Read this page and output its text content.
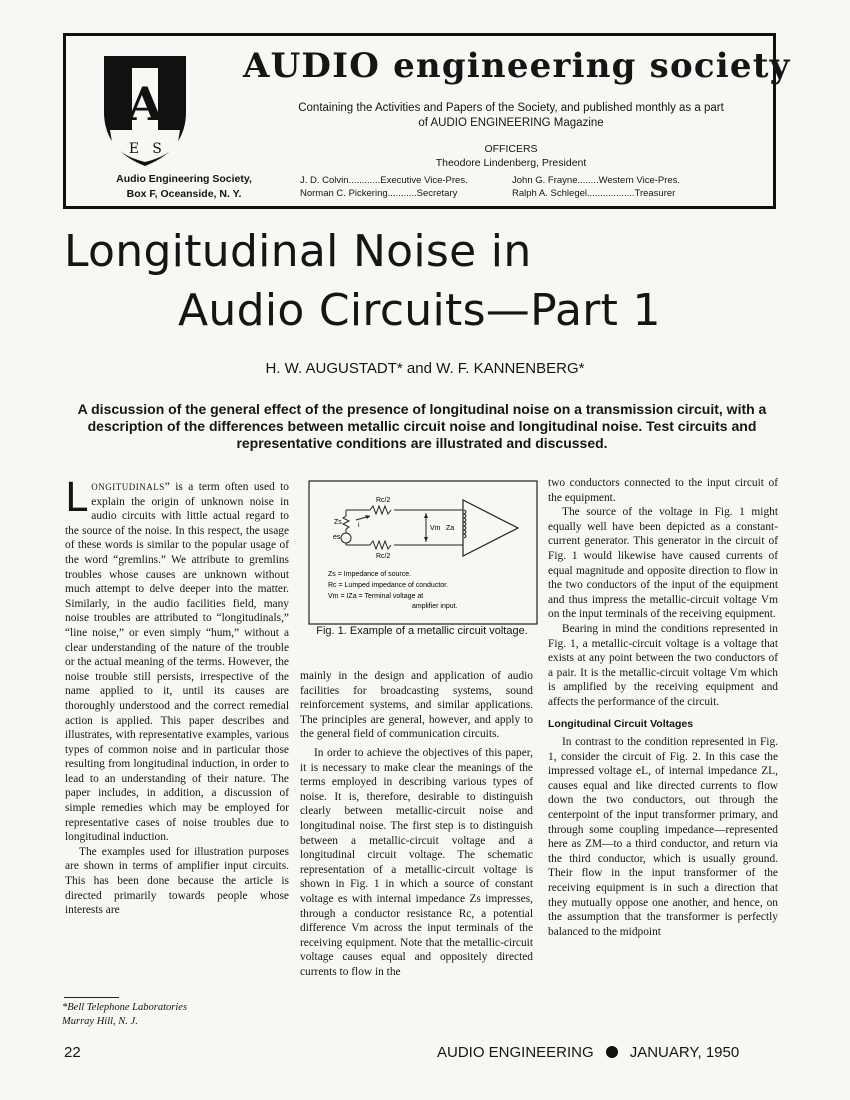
A
E S
AUDIO engineering society
Containing the Activities and Papers of the Society, and published monthly as a part of AUDIO ENGINEERING Magazine
OFFICERS
Theodore Lindenberg, President
J. D. Colvin............Executive Vice-Pres.
Norman C. Pickering...........Secretary
John G. Frayne........Western Vice-Pres.
Ralph A. Schlegel..................Treasurer
Audio Engineering Society,
Box F, Oceanside, N. Y.
Longitudinal Noise in
Audio Circuits—Part 1
H. W. AUGUSTADT* and W. F. KANNENBERG*
A discussion of the general effect of the presence of longitudinal noise on a transmission circuit, with a description of the differences between metallic circuit noise and longitudinal noise. Test circuits and representative conditions are illustrated and discussed.

LONGITUDINALS” is a term often used to explain the origin of unknown noise in audio circuits with little actual regard to the source of the noise. In this respect, the usage of these words is similar to the popular usage of the word “gremlins.” We attribute to gremlins troubles whose causes are unknown without much attempt to delve deeper into the matter. Similarly, in the audio facilities field, many noise troubles are attributed to “longitudinals,” “line noise,” or even simply “hum,” without a clear understanding of the nature of the trouble or the actual meaning of the terms. However, the noise trouble still persists, irrespective of the name applied to it, until its causes are thoroughly understood and the correct remedial action is applied. This paper describes and illustrates, with representative examples, various types of common noise and in particular those resulting from longitudinal induction, in order to lead to an understanding of their nature. The paper includes, in addition, a discussion of simple remedies which may be employed for representative cases of noise troubles due to longitudinal induction.

The examples used for illustration purposes are shown in terms of amplifier input circuits. This has been done because the article is directed primarily towards people whose interests are

*Bell Telephone Laboratories
Murray Hill, N. J.
Rc/2
Rc/2
Zs
es
i	Vm Za
Zs = Impedance of source.
Rc = Lumped impedance of conductor.
Vm = IZa = Terminal voltage at
amplifier input.
Fig. 1. Example of a metallic circuit voltage.

mainly in the design and application of audio facilities for broadcasting systems, sound reinforcement systems, and similar applications. The principles are general, however, and apply to the general field of communication circuits.

In order to achieve the objectives of this paper, it is necessary to make clear the meanings of the terms employed in describing various types of noise. It is, therefore, desirable to distinguish clearly between metallic-circuit noise and longitudinal noise. The first step is to distinguish between a metallic-circuit voltage and a longitudinal circuit voltage. The schematic representation of a metallic-circuit voltage is shown in Fig. 1 in which a source of constant voltage es with internal impedance Zs impresses, through a conductor resistance Rc, a potential difference Vm across the input terminals of the receiving equipment. Note that the metallic-circuit voltage causes equal and oppositely directed currents to flow in the

two conductors connected to the input circuit of the equipment.

The source of the voltage in Fig. 1 might equally well have been depicted as a constant-current generator. This generator in the circuit of Fig. 1 would likewise have caused currents of equal magnitude and opposite direction to flow in the two conductors of the input of the equipment and thus impress the metallic-circuit voltage Vm on the input terminals of the receiving equipment.

Bearing in mind the conditions represented in Fig. 1, a metallic-circuit voltage is a voltage that exists at any point between the two conductors of a pair. It is the metallic-circuit voltage Vm which is amplified by the receiving equipment and affects the performance of the circuit.

Longitudinal Circuit Voltages

In contrast to the condition represented in Fig. 1, consider the circuit of Fig. 2. In this case the impressed voltage eL, of internal impedance ZL, causes equal and like directed currents to flow down the two conductors, out through the centerpoint of the input transformer primary, and through some coupling impedance—represented here as ZM—to a third conductor, and return via the third conductor, which is usually ground. Their flow in the input transformer of the receiving equipment is in such a direction that they mutually oppose one another, and hence, on the assumption that the transformer is perfectly balanced to the midpoint

22	AUDIO ENGINEERING JANUARY, 1950
